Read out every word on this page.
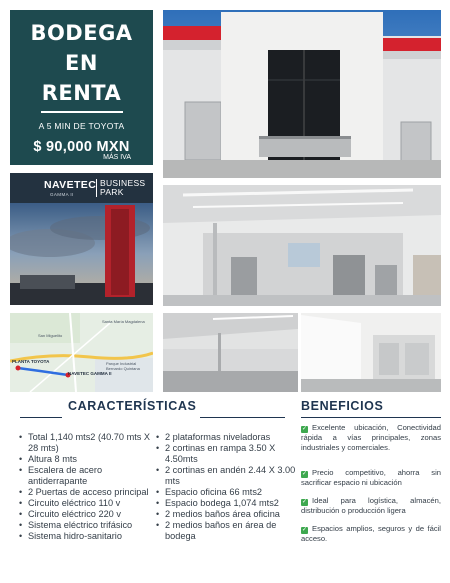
BODEGA
EN
RENTA
A 5 MIN DE TOYOTA
$ 90,000 MXN
MÁS IVA
NAVETEC
GAMMA II
BUSINESS
PARK
PLANTA TOYOTA
NAVETEC GAMMA II
Santa María Magdalena
San Miguelito
Parque Industrial Bernardo Quintana
CARACTERÍSTICAS
• Total 1,140 mts2 (40.70 mts X 28 mts)
• Altura 8 mts
• Escalera de acero antiderrapante
• 2 Puertas de acceso principal
• Circuito eléctrico 110 v
• Circuito eléctrico 220 v
• Sistema eléctrico trifásico
• Sistema hidro-sanitario
• 2 plataformas niveladoras
• 2 cortinas en rampa 3.50 X 4.50mts
• 2 cortinas en andén 2.44 X 3.00 mts
• Espacio oficina 66 mts2
• Espacio bodega 1,074 mts2
• 2 medios baños área oficina
• 2 medios baños en área de bodega
BENEFICIOS
✓ Excelente ubicación, Conectividad rápida a vías principales, zonas industriales y comerciales.
✓ Precio competitivo, ahorra sin sacrificar espacio ni ubicación
✓ Ideal para logística, almacén, distribución o producción ligera
✓ Espacios amplios, seguros y de fácil acceso.
